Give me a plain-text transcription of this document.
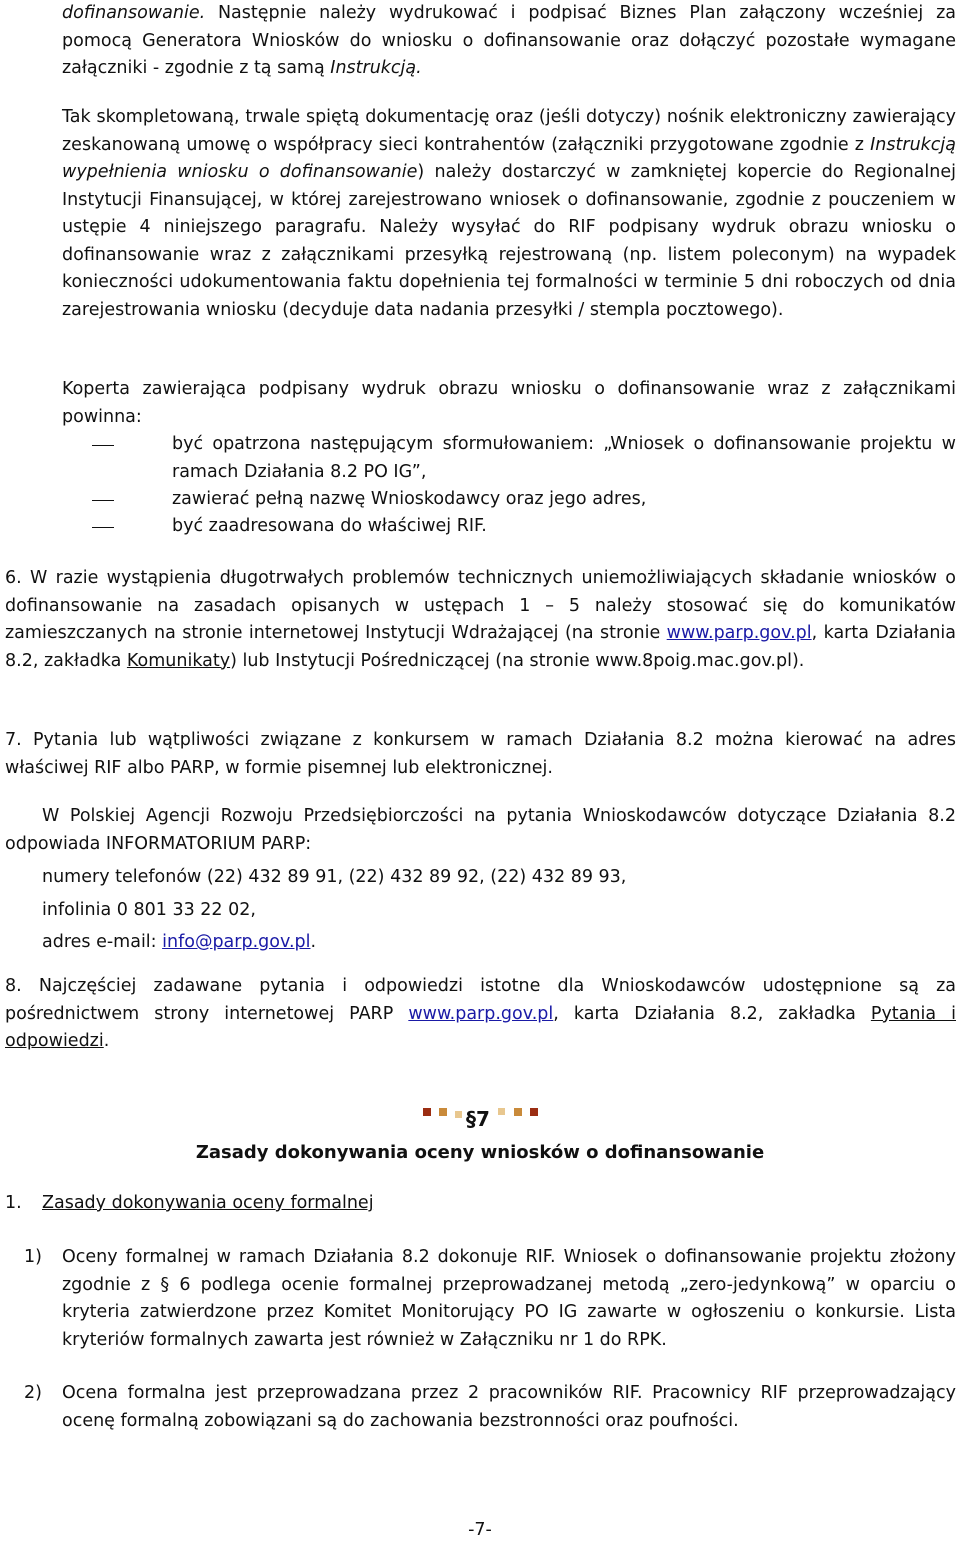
dofinansowanie. Następnie należy wydrukować i podpisać Biznes Plan załączony wcześniej za pomocą Generatora Wniosków do wniosku o dofinansowanie oraz dołączyć pozostałe wymagane załączniki - zgodnie z tą samą Instrukcją.
Tak skompletowaną, trwale spiętą dokumentację oraz (jeśli dotyczy) nośnik elektroniczny zawierający zeskanowaną umowę o współpracy sieci kontrahentów (załączniki przygotowane zgodnie z Instrukcją wypełnienia wniosku o dofinansowanie) należy dostarczyć w zamkniętej kopercie do Regionalnej Instytucji Finansującej, w której zarejestrowano wniosek o dofinansowanie, zgodnie z pouczeniem w ustępie 4 niniejszego paragrafu. Należy wysyłać do RIF podpisany wydruk obrazu wniosku o dofinansowanie wraz z załącznikami przesyłką rejestrowaną (np. listem poleconym) na wypadek konieczności udokumentowania faktu dopełnienia tej formalności w terminie 5 dni roboczych od dnia zarejestrowania wniosku (decyduje data nadania przesyłki / stempla pocztowego).
Koperta zawierająca podpisany wydruk obrazu wniosku o dofinansowanie wraz z załącznikami powinna:
być opatrzona następującym sformułowaniem: „Wniosek o dofinansowanie projektu w ramach Działania 8.2 PO IG”,
zawierać pełną nazwę Wnioskodawcy oraz jego adres,
być zaadresowana do właściwej RIF.
6. W razie wystąpienia długotrwałych problemów technicznych uniemożliwiających składanie wniosków o dofinansowanie na zasadach opisanych w ustępach 1 – 5 należy stosować się do komunikatów zamieszczanych na stronie internetowej Instytucji Wdrażającej (na stronie www.parp.gov.pl, karta Działania 8.2, zakładka Komunikaty) lub Instytucji Pośredniczącej (na stronie www.8poig.mac.gov.pl).
7. Pytania lub wątpliwości związane z konkursem w ramach Działania 8.2 można kierować na adres właściwej RIF albo PARP, w formie pisemnej lub elektronicznej.
W Polskiej Agencji Rozwoju Przedsiębiorczości na pytania Wnioskodawców dotyczące Działania 8.2 odpowiada INFORMATORIUM PARP:
numery telefonów (22) 432 89 91, (22) 432 89 92, (22) 432 89 93,
infolinia 0 801 33 22 02,
adres e-mail: info@parp.gov.pl.
8. Najczęściej zadawane pytania i odpowiedzi istotne dla Wnioskodawców udostępnione są za pośrednictwem strony internetowej PARP www.parp.gov.pl, karta Działania 8.2, zakładka Pytania i odpowiedzi.
§7
Zasady dokonywania oceny wniosków o dofinansowanie
1. Zasady dokonywania oceny formalnej
1) Oceny formalnej w ramach Działania 8.2 dokonuje RIF. Wniosek o dofinansowanie projektu złożony zgodnie z § 6 podlega ocenie formalnej przeprowadzanej metodą „zero-jedynkową” w oparciu o kryteria zatwierdzone przez Komitet Monitorujący PO IG zawarte w ogłoszeniu o konkursie. Lista kryteriów formalnych zawarta jest również w Załączniku nr 1 do RPK.
2) Ocena formalna jest przeprowadzana przez 2 pracowników RIF. Pracownicy RIF przeprowadzający ocenę formalną zobowiązani są do zachowania bezstronności oraz poufności.
-7-
